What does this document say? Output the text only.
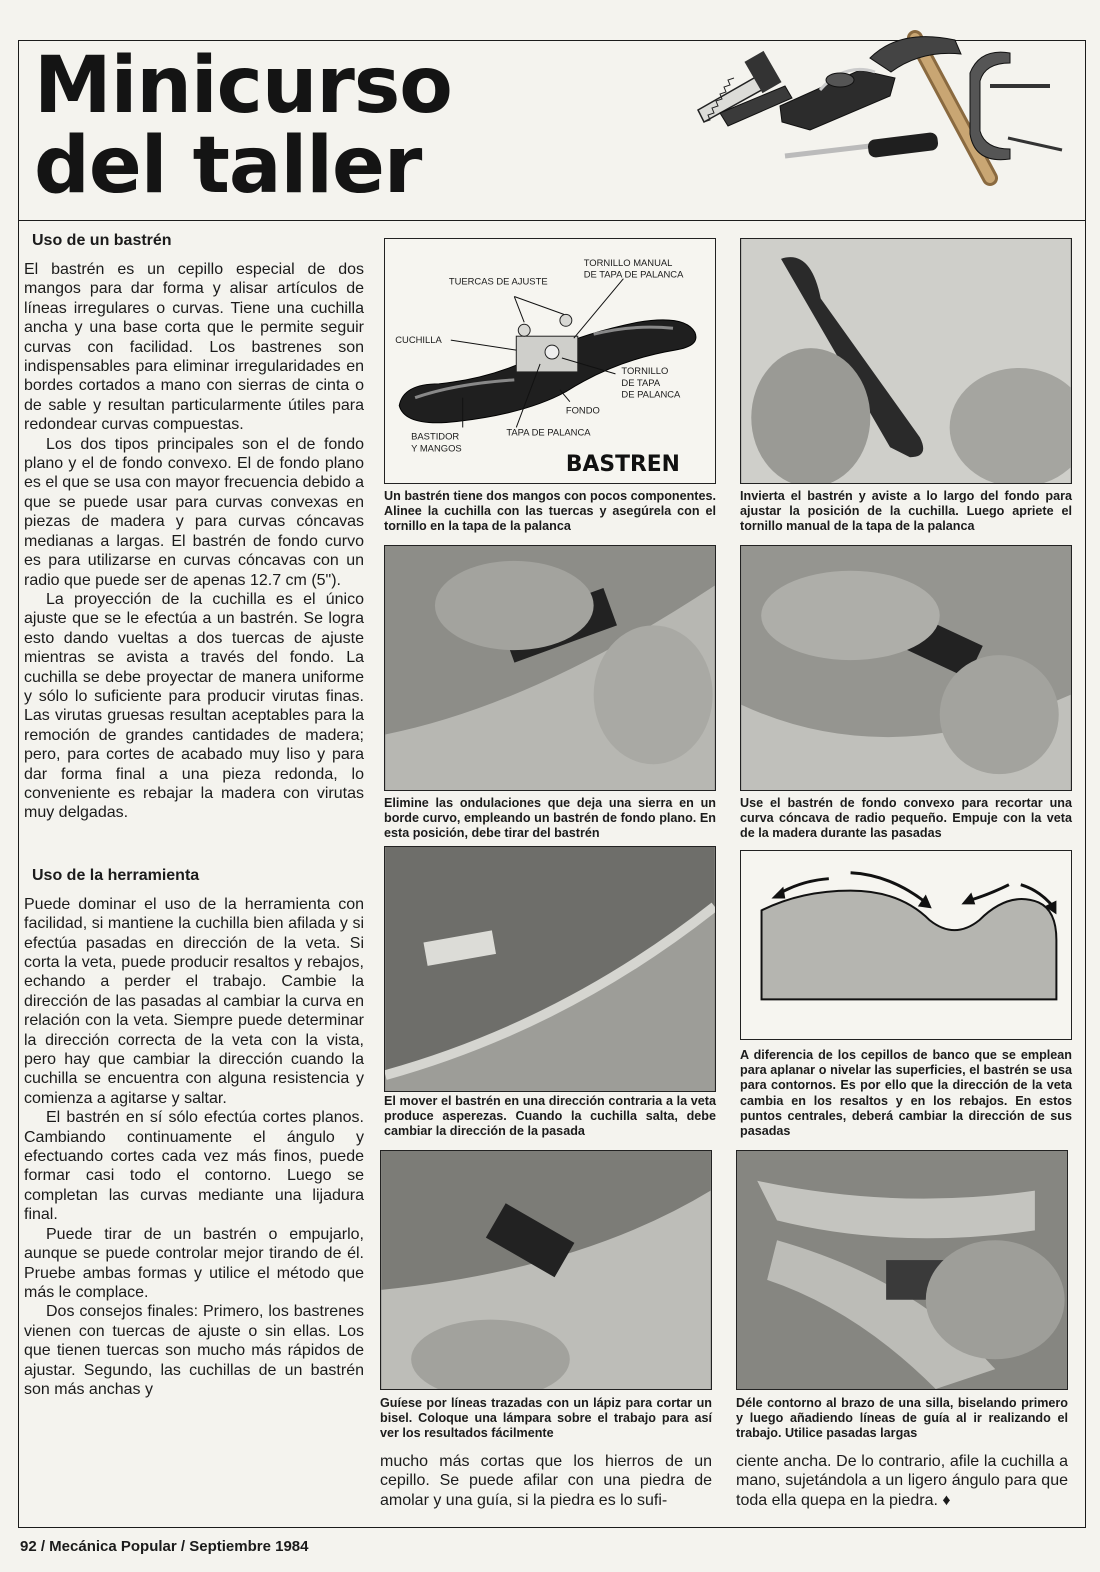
Minicurso
del taller
Uso de un bastrén

El bastrén es un cepillo especial de dos mangos para dar forma y alisar artículos de líneas irregulares o curvas. Tiene una cuchilla ancha y una base corta que le permite seguir curvas con facilidad. Los bastrenes son indispensables para eliminar irregularidades en bordes cortados a mano con sierras de cinta o de sable y resultan particularmente útiles para redondear curvas compuestas.

Los dos tipos principales son el de fondo plano y el de fondo convexo. El de fondo plano es el que se usa con mayor frecuencia debido a que se puede usar para curvas convexas en piezas de madera y para curvas cóncavas medianas a largas. El bastrén de fondo curvo es para utilizarse en curvas cóncavas con un radio que puede ser de apenas 12.7 cm (5").

La proyección de la cuchilla es el único ajuste que se le efectúa a un bastrén. Se logra esto dando vueltas a dos tuercas de ajuste mientras se avista a través del fondo. La cuchilla se debe proyectar de manera uniforme y sólo lo suficiente para producir virutas finas. Las virutas gruesas resultan aceptables para la remoción de grandes cantidades de madera; pero, para cortes de acabado muy liso y para dar forma final a una pieza redonda, lo conveniente es rebajar la madera con virutas muy delgadas.

Uso de la herramienta

Puede dominar el uso de la herramienta con facilidad, si mantiene la cuchilla bien afilada y si efectúa pasadas en dirección de la veta. Si corta la veta, puede producir resaltos y rebajos, echando a perder el trabajo. Cambie la dirección de las pasadas al cambiar la curva en relación con la veta. Siempre puede determinar la dirección correcta de la veta con la vista, pero hay que cambiar la dirección cuando la cuchilla se encuentra con alguna resistencia y comienza a agitarse y saltar.

El bastrén en sí sólo efectúa cortes planos. Cambiando continuamente el ángulo y efectuando cortes cada vez más finos, puede formar casi todo el contorno. Luego se completan las curvas mediante una lijadura final.

Puede tirar de un bastrén o empujarlo, aunque se puede controlar mejor tirando de él. Pruebe ambas formas y utilice el método que más le complace.

Dos consejos finales: Primero, los bastrenes vienen con tuercas de ajuste o sin ellas. Los que tienen tuercas son mucho más rápidos de ajustar. Segundo, las cuchillas de un bastrén son más anchas y

TORNILLO MANUAL
DE TAPA DE PALANCA
TUERCAS DE AJUSTE
CUCHILLA
TORNILLO
DE TAPA
DE PALANCA
FONDO
BASTIDOR
Y MANGOS
TAPA DE PALANCA
BASTREN

Un bastrén tiene dos mangos con pocos componentes. Alinee la cuchilla con las tuercas y asegúrela con el tornillo en la tapa de la palanca

Invierta el bastrén y aviste a lo largo del fondo para ajustar la posición de la cuchilla. Luego apriete el tornillo manual de la tapa de la palanca

Elimine las ondulaciones que deja una sierra en un borde curvo, empleando un bastrén de fondo plano. En esta posición, debe tirar del bastrén

Use el bastrén de fondo convexo para recortar una curva cóncava de radio pequeño. Empuje con la veta de la madera durante las pasadas

El mover el bastrén en una dirección contraria a la veta produce asperezas. Cuando la cuchilla salta, debe cambiar la dirección de la pasada

A diferencia de los cepillos de banco que se emplean para aplanar o nivelar las superficies, el bastrén se usa para contornos. Es por ello que la dirección de la veta cambia en los resaltos y en los rebajos. En estos puntos centrales, deberá cambiar la dirección de sus pasadas

Guíese por líneas trazadas con un lápiz para cortar un bisel. Coloque una lámpara sobre el trabajo para así ver los resultados fácilmente

Déle contorno al brazo de una silla, biselando primero y luego añadiendo líneas de guía al ir realizando el trabajo. Utilice pasadas largas

mucho más cortas que los hierros de un cepillo. Se puede afilar con una piedra de amolar y una guía, si la piedra es lo sufi-

ciente ancha. De lo contrario, afile la cuchilla a mano, sujetándola a un ligero ángulo para que toda ella quepa en la piedra. ♦

92 / Mecánica Popular / Septiembre 1984
